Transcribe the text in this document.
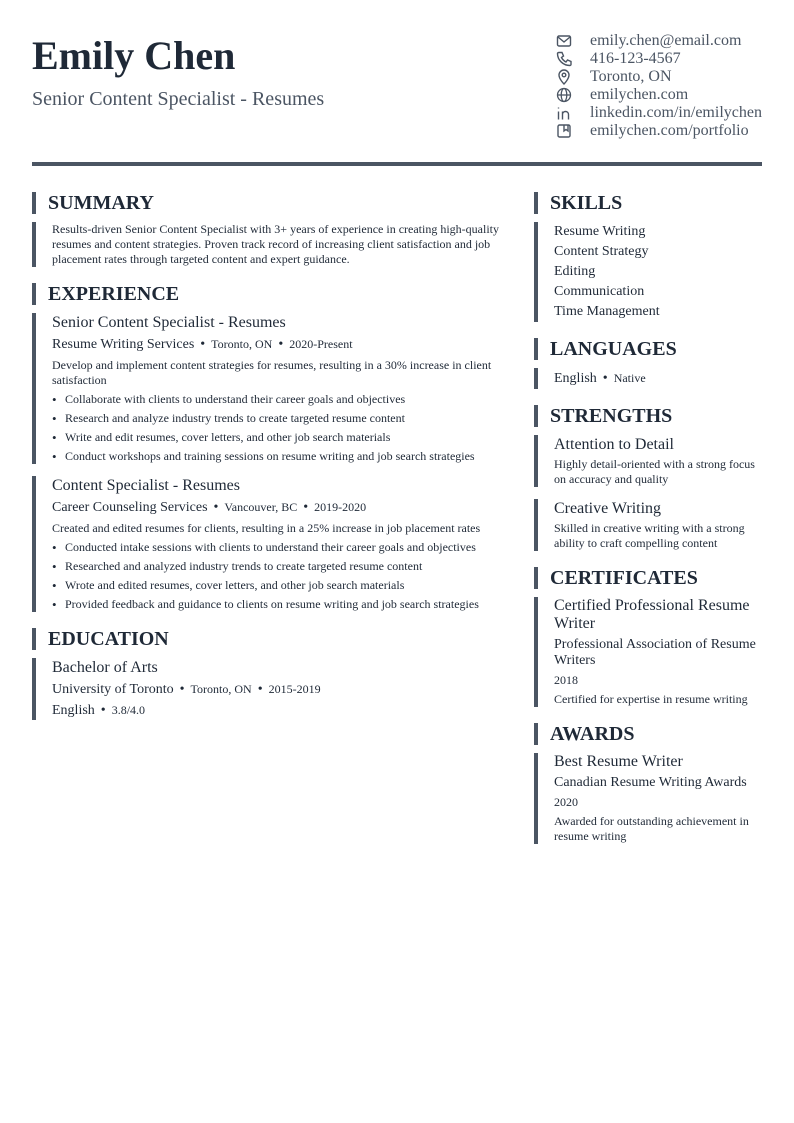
Emily Chen
Senior Content Specialist - Resumes
emily.chen@email.com
416-123-4567
Toronto, ON
emilychen.com
linkedin.com/in/emilychen
emilychen.com/portfolio
SUMMARY
Results-driven Senior Content Specialist with 3+ years of experience in creating high-quality resumes and content strategies. Proven track record of increasing client satisfaction and job placement rates through targeted content and expert guidance.
EXPERIENCE
Senior Content Specialist - Resumes
Resume Writing Services • Toronto, ON • 2020-Present
Develop and implement content strategies for resumes, resulting in a 30% increase in client satisfaction
• Collaborate with clients to understand their career goals and objectives
• Research and analyze industry trends to create targeted resume content
• Write and edit resumes, cover letters, and other job search materials
• Conduct workshops and training sessions on resume writing and job search strategies
Content Specialist - Resumes
Career Counseling Services • Vancouver, BC • 2019-2020
Created and edited resumes for clients, resulting in a 25% increase in job placement rates
• Conducted intake sessions with clients to understand their career goals and objectives
• Researched and analyzed industry trends to create targeted resume content
• Wrote and edited resumes, cover letters, and other job search materials
• Provided feedback and guidance to clients on resume writing and job search strategies
EDUCATION
Bachelor of Arts
University of Toronto • Toronto, ON • 2015-2019
English • 3.8/4.0
SKILLS
Resume Writing
Content Strategy
Editing
Communication
Time Management
LANGUAGES
English • Native
STRENGTHS
Attention to Detail
Highly detail-oriented with a strong focus on accuracy and quality
Creative Writing
Skilled in creative writing with a strong ability to craft compelling content
CERTIFICATES
Certified Professional Resume Writer
Professional Association of Resume Writers
2018
Certified for expertise in resume writing
AWARDS
Best Resume Writer
Canadian Resume Writing Awards
2020
Awarded for outstanding achievement in resume writing
